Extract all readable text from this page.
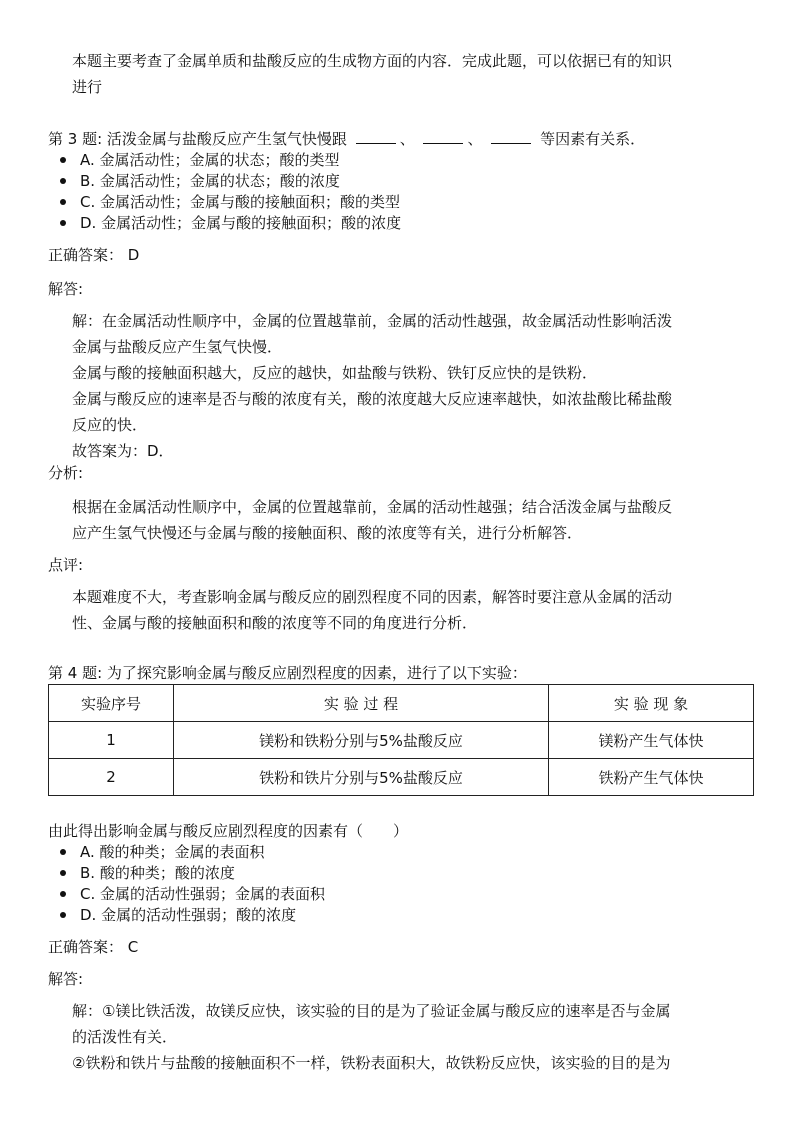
本题主要考查了金属单质和盐酸反应的生成物方面的内容．完成此题，可以依据已有的知识
进行
第 3 题: 活泼金属与盐酸反应产生氢气快慢跟	、	、	等因素有关系．
A. 金属活动性；金属的状态；酸的类型
B. 金属活动性；金属的状态；酸的浓度
C. 金属活动性；金属与酸的接触面积；酸的类型
D. 金属活动性；金属与酸的接触面积；酸的浓度
正确答案： D
解答:
解：在金属活动性顺序中，金属的位置越靠前，金属的活动性越强，故金属活动性影响活泼
金属与盐酸反应产生氢气快慢．
金属与酸的接触面积越大，反应的越快，如盐酸与铁粉、铁钉反应快的是铁粉．
金属与酸反应的速率是否与酸的浓度有关，酸的浓度越大反应速率越快，如浓盐酸比稀盐酸
反应的快．
故答案为：D．
分析:
根据在金属活动性顺序中，金属的位置越靠前，金属的活动性越强；结合活泼金属与盐酸反
应产生氢气快慢还与金属与酸的接触面积、酸的浓度等有关，进行分析解答．
点评:
本题难度不大，考查影响金属与酸反应的剧烈程度不同的因素，解答时要注意从金属的活动
性、金属与酸的接触面积和酸的浓度等不同的角度进行分析．
第 4 题: 为了探究影响金属与酸反应剧烈程度的因素，进行了以下实验：
实验序号	实 验 过 程	实 验 现 象
1	镁粉和铁粉分别与5%盐酸反应	镁粉产生气体快
2	铁粉和铁片分别与5%盐酸反应	铁粉产生气体快
由此得出影响金属与酸反应剧烈程度的因素有（　　）
A. 酸的种类；金属的表面积
B. 酸的种类；酸的浓度
C. 金属的活动性强弱；金属的表面积
D. 金属的活动性强弱；酸的浓度
正确答案： C
解答:
解：①镁比铁活泼，故镁反应快，该实验的目的是为了验证金属与酸反应的速率是否与金属
的活泼性有关．
②铁粉和铁片与盐酸的接触面积不一样，铁粉表面积大，故铁粉反应快，该实验的目的是为
